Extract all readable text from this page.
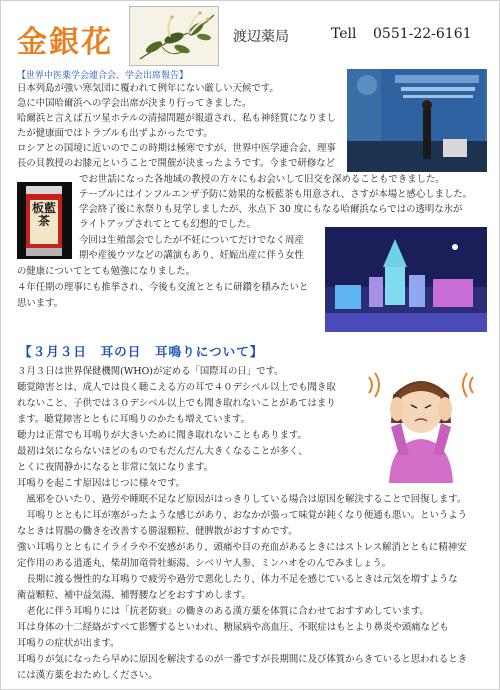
金銀花	渡辺薬局	Tell 0551-22-6161
【世界中医薬学会連合会、学会出席報告】
日本列島が強い寒気団に覆われて例年にない厳しい天候です。
急に中国哈爾浜への学会出席が決まり行ってきました。
哈爾浜と言えば五ツ星ホテルの清掃問題が報道され、私も神経質になりまし
たが健康面ではトラブルも出ずよかったです。
ロシアとの国境に近いのでこの時期は極寒ですが、世界中医学連合会、理事
長の貝教授のお膝元ということで開催が決まったようです。今まで研修など
板藍茶
でお世話になった各地域の教授の方々にもお会いして旧交を深めることもできました。
テーブルにはインフルエンザ予防に効果的な板藍茶も用意され、さすが本場と感心しました。
学会終了後に氷祭りも見学しましたが、氷点下 30 度にもなる哈爾浜ならではの透明な氷が
ライトアップされてとても幻想的でした。
今回は生殖部会でしたが不妊についてだけでなく周産
期や産後ウツなどの講演もあり、妊娠出産に伴う女性
の健康についてとても勉強になりました。
４年任期の理事にも推挙され、今後も交流とともに研鑽を積みたいと
思います。
【３月３日　耳の日　耳鳴りについて】
３月３日は世界保健機関(WHO)が定める「国際耳の日」です。
聴覚障害とは、成人では良く聴こえる方の耳で４０デシベル以上でも聞き取
れないこと、子供では３０デシベル以上でも聞き取れないことがあてはまり
ます。聴覚障害とともに耳鳴りのかたも増えています。
聴力は正常でも耳鳴りが大きいために聞き取れないこともあります。
最初は気にならないほどのものでもだんだん大きくなることが多く、
とくに夜間静かになると非常に気になります。
耳鳴りを起こす原因はじつに様々です。
　風邪をひいたり、過労や睡眠不足など原因がはっきりしている場合は原因を解決することで回復します。
　耳鳴りとともに耳が塞がったような感じがあり、おなかが張って味覚が鈍くなり便通も悪い。というよう
なときは胃腸の働きを改善する勝湿顆粒、健脾散がおすすめです。
強い耳鳴りとともにイライラや不安感があり、頭痛や目の充血があるときにはストレス解消とともに精神安
定作用のある逍遙丸、柴胡加竜骨牡蛎湯、シベリヤ人参、ミンハオをのんでみましょう。
　長期に渡る慢性的な耳鳴りで疲労や過労で悪化したり、体力不足を感じているときは元気を増すような
衛益顆粒、補中益気湯、補腎腰などをおすすめします。
　老化に伴う耳鳴りには「抗老防衰」の働きのある漢方薬を体質に合わせておすすめしています。
耳は身体の十二経絡がすべて影響するといわれ、糖尿病や高血圧、不眠症はもとより鼻炎や頭痛なども
耳鳴りの症状が出ます。
耳鳴りが気になったら早めに原因を解決するのが一番ですが長期間に及び体質からきていると思われるとき
には漢方薬をおためしください。
